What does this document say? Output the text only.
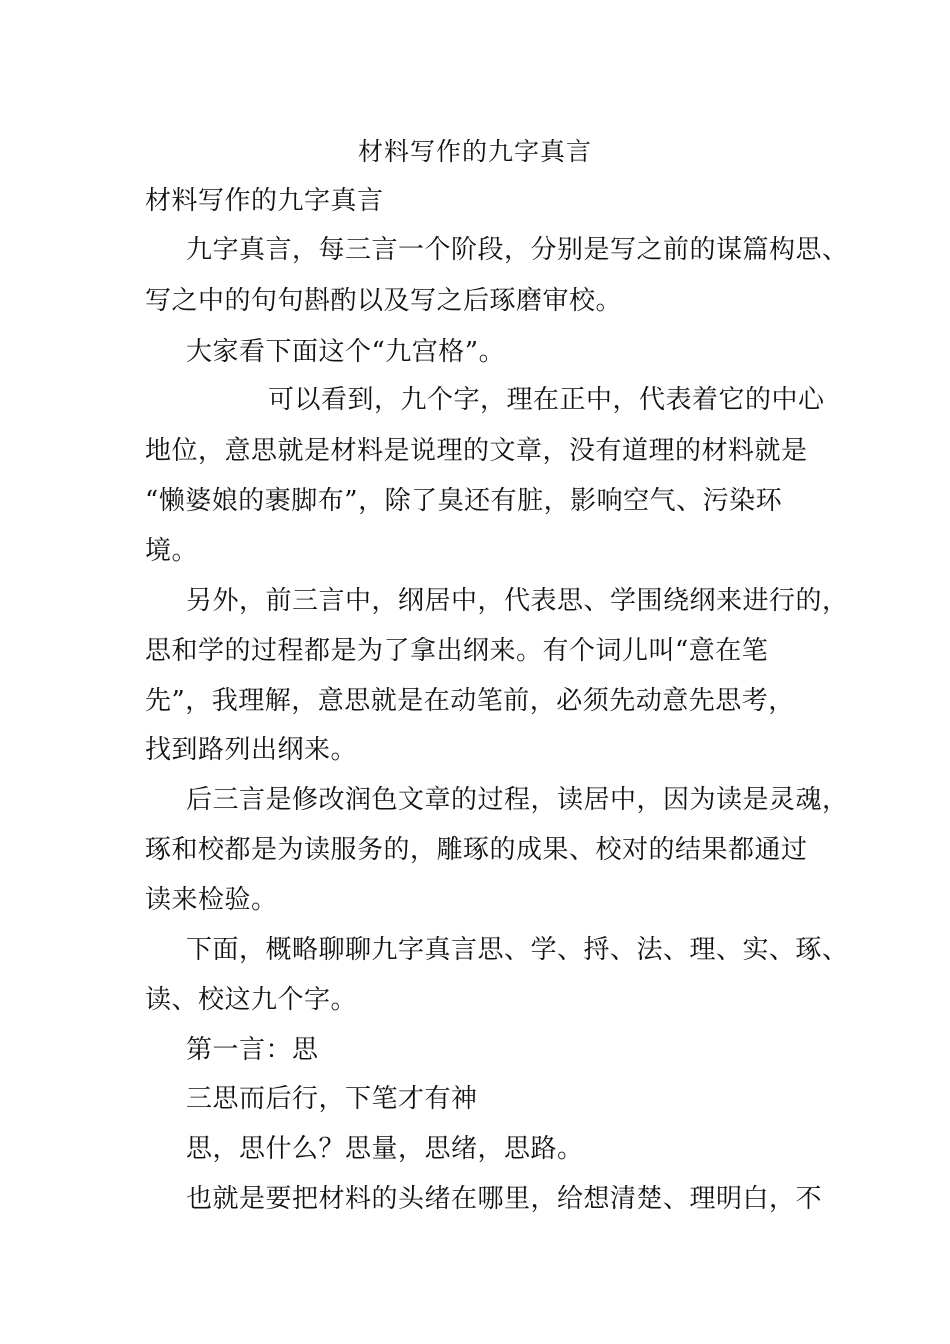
材料写作的九字真言
材料写作的九字真言
九字真言，每三言一个阶段，分别是写之前的谋篇构思、
写之中的句句斟酌以及写之后琢磨审校。
大家看下面这个“九宫格”。
可以看到，九个字，理在正中，代表着它的中心
地位，意思就是材料是说理的文章，没有道理的材料就是
“懒婆娘的裹脚布”，除了臭还有脏，影响空气、污染环
境。
另外，前三言中，纲居中，代表思、学围绕纲来进行的，
思和学的过程都是为了拿出纲来。有个词儿叫“意在笔
先”，我理解，意思就是在动笔前，必须先动意先思考，
找到路列出纲来。
后三言是修改润色文章的过程，读居中，因为读是灵魂，
琢和校都是为读服务的，雕琢的成果、校对的结果都通过
读来检验。
下面，概略聊聊九字真言思、学、捋、法、理、实、琢、
读、校这九个字。
第一言：思
三思而后行，下笔才有神
思，思什么？思量，思绪，思路。
也就是要把材料的头绪在哪里，给想清楚、理明白，不
